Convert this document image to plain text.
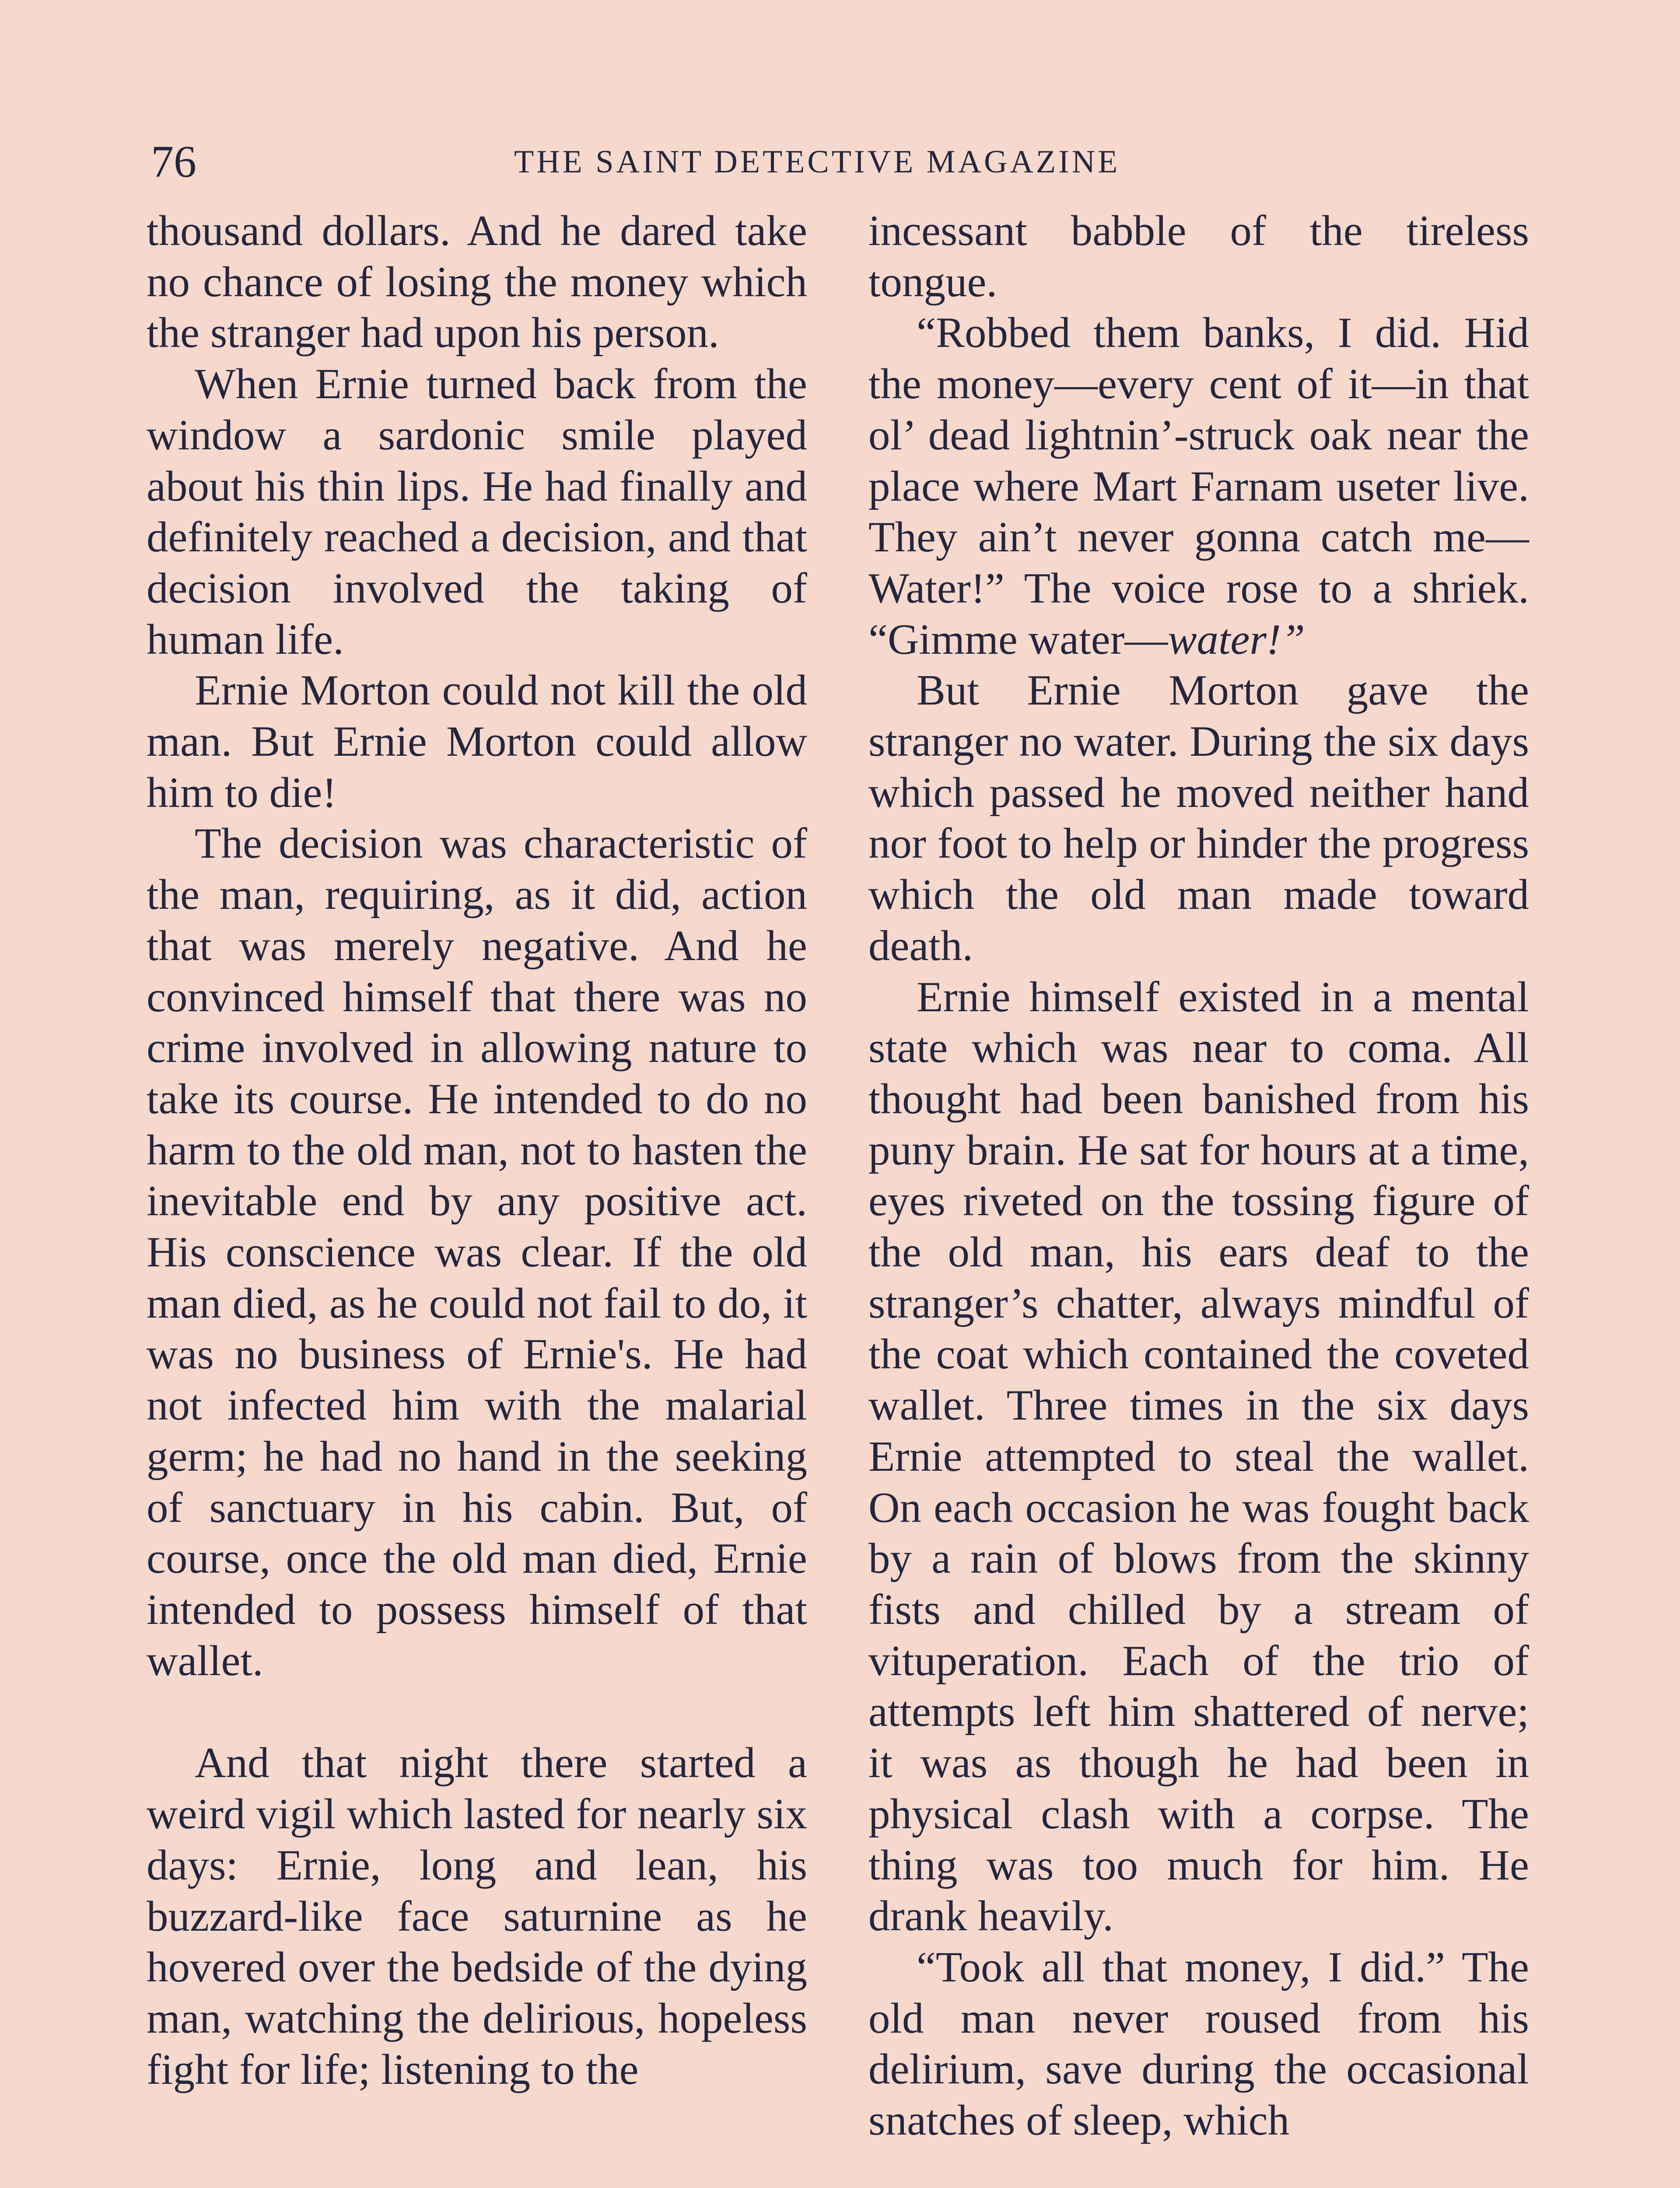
76	THE SAINT DETECTIVE MAGAZINE

thousand dollars. And he dared take no chance of losing the money which the stranger had upon his person.

When Ernie turned back from the window a sardonic smile played about his thin lips. He had finally and definitely reached a decision, and that decision involved the taking of human life.

Ernie Morton could not kill the old man. But Ernie Morton could allow him to die!

The decision was characteristic of the man, requiring, as it did, action that was merely negative. And he convinced himself that there was no crime involved in allowing nature to take its course. He intended to do no harm to the old man, not to hasten the inevitable end by any positive act. His conscience was clear. If the old man died, as he could not fail to do, it was no business of Ernie's. He had not infected him with the malarial germ; he had no hand in the seeking of sanctuary in his cabin. But, of course, once the old man died, Ernie intended to possess himself of that wallet.

And that night there started a weird vigil which lasted for nearly six days: Ernie, long and lean, his buzzard-like face saturnine as he hovered over the bedside of the dying man, watching the delirious, hopeless fight for life; listening to the

incessant babble of the tireless tongue.

“Robbed them banks, I did. Hid the money—every cent of it—in that ol’ dead lightnin’-struck oak near the place where Mart Farnam useter live. They ain’t never gonna catch me—Water!” The voice rose to a shriek. “Gimme water—water!”

But Ernie Morton gave the stranger no water. During the six days which passed he moved neither hand nor foot to help or hinder the progress which the old man made toward death.

Ernie himself existed in a mental state which was near to coma. All thought had been banished from his puny brain. He sat for hours at a time, eyes riveted on the tossing figure of the old man, his ears deaf to the stranger’s chatter, always mindful of the coat which contained the coveted wallet. Three times in the six days Ernie attempted to steal the wallet. On each occasion he was fought back by a rain of blows from the skinny fists and chilled by a stream of vituperation. Each of the trio of attempts left him shattered of nerve; it was as though he had been in physical clash with a corpse. The thing was too much for him. He drank heavily.

“Took all that money, I did.” The old man never roused from his delirium, save during the occasional snatches of sleep, which
